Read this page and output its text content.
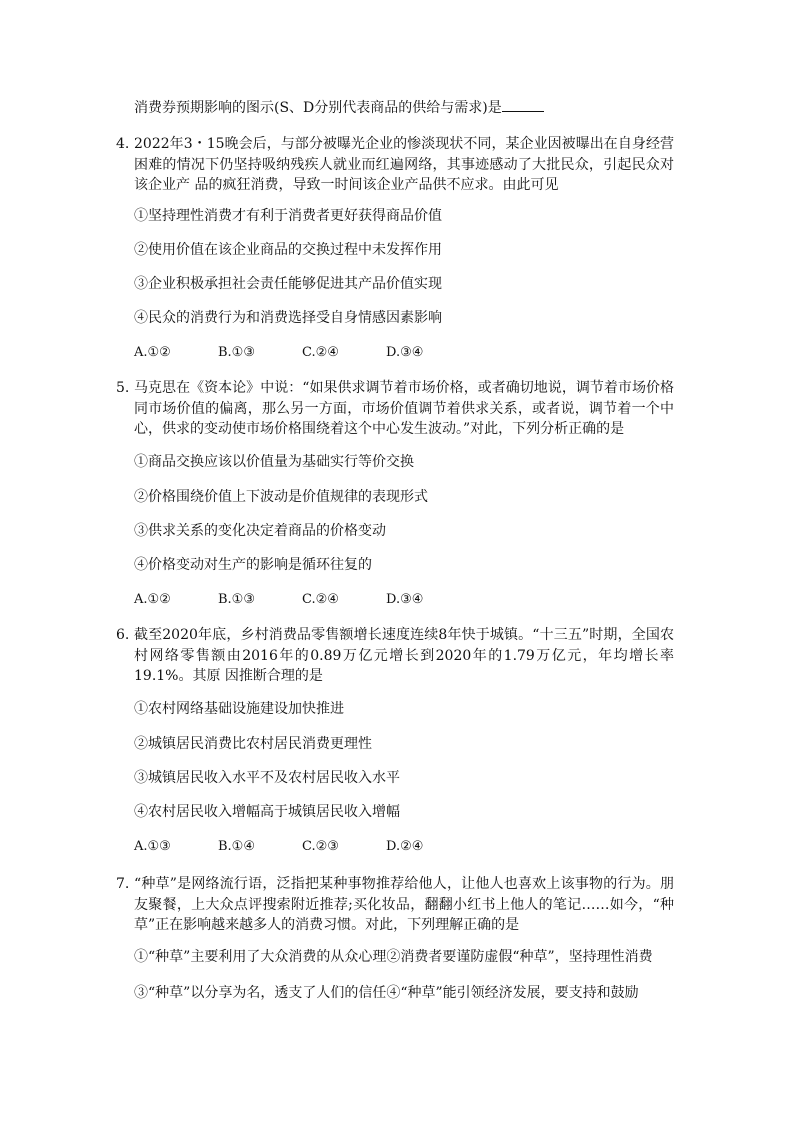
消费券预期影响的图示(S、D分别代表商品的供给与需求)是
4. 2022年3・15晚会后，与部分被曝光企业的惨淡现状不同，某企业因被曝出在自身经营困难的情况下仍坚持吸纳残疾人就业而红遍网络，其事迹感动了大批民众，引起民众对该企业产 品的疯狂消费，导致一时间该企业产品供不应求。由此可见
①坚持理性消费才有利于消费者更好获得商品价值
②使用价值在该企业商品的交换过程中未发挥作用
③企业积极承担社会责任能够促进其产品价值实现
④民众的消费行为和消费选择受自身情感因素影响
A.①②	B.①③	C.②④	D.③④
5. 马克思在《资本论》中说：“如果供求调节着市场价格，或者确切地说，调节着市场价格同市场价值的偏离，那么另一方面，市场价值调节着供求关系，或者说，调节着一个中心，供求的变动使市场价格围绕着这个中心发生波动。”对此，下列分析正确的是
①商品交换应该以价值量为基础实行等价交换
②价格围绕价值上下波动是价值规律的表现形式
③供求关系的变化决定着商品的价格变动
④价格变动对生产的影响是循环往复的
A.①②	B.①③	C.②④	D.③④
6. 截至2020年底，乡村消费品零售额增长速度连续8年快于城镇。“十三五”时期，全国农村网络零售额由2016年的0.89万亿元增长到2020年的1.79万亿元，年均增长率19.1%。其原 因推断合理的是
①农村网络基础设施建设加快推进
②城镇居民消费比农村居民消费更理性
③城镇居民收入水平不及农村居民收入水平
④农村居民收入增幅高于城镇居民收入增幅
A.①③	B.①④	C.②③	D.②④
7. “种草”是网络流行语，泛指把某种事物推荐给他人，让他人也喜欢上该事物的行为。朋友聚餐，上大众点评搜索附近推荐;买化妆品，翻翻小红书上他人的笔记……如今，“种草”正在影响越来越多人的消费习惯。对此，下列理解正确的是
①“种草”主要利用了大众消费的从众心理②消费者要谨防虚假“种草”，坚持理性消费
③“种草”以分享为名，透支了人们的信任④“种草”能引领经济发展，要支持和鼓励
